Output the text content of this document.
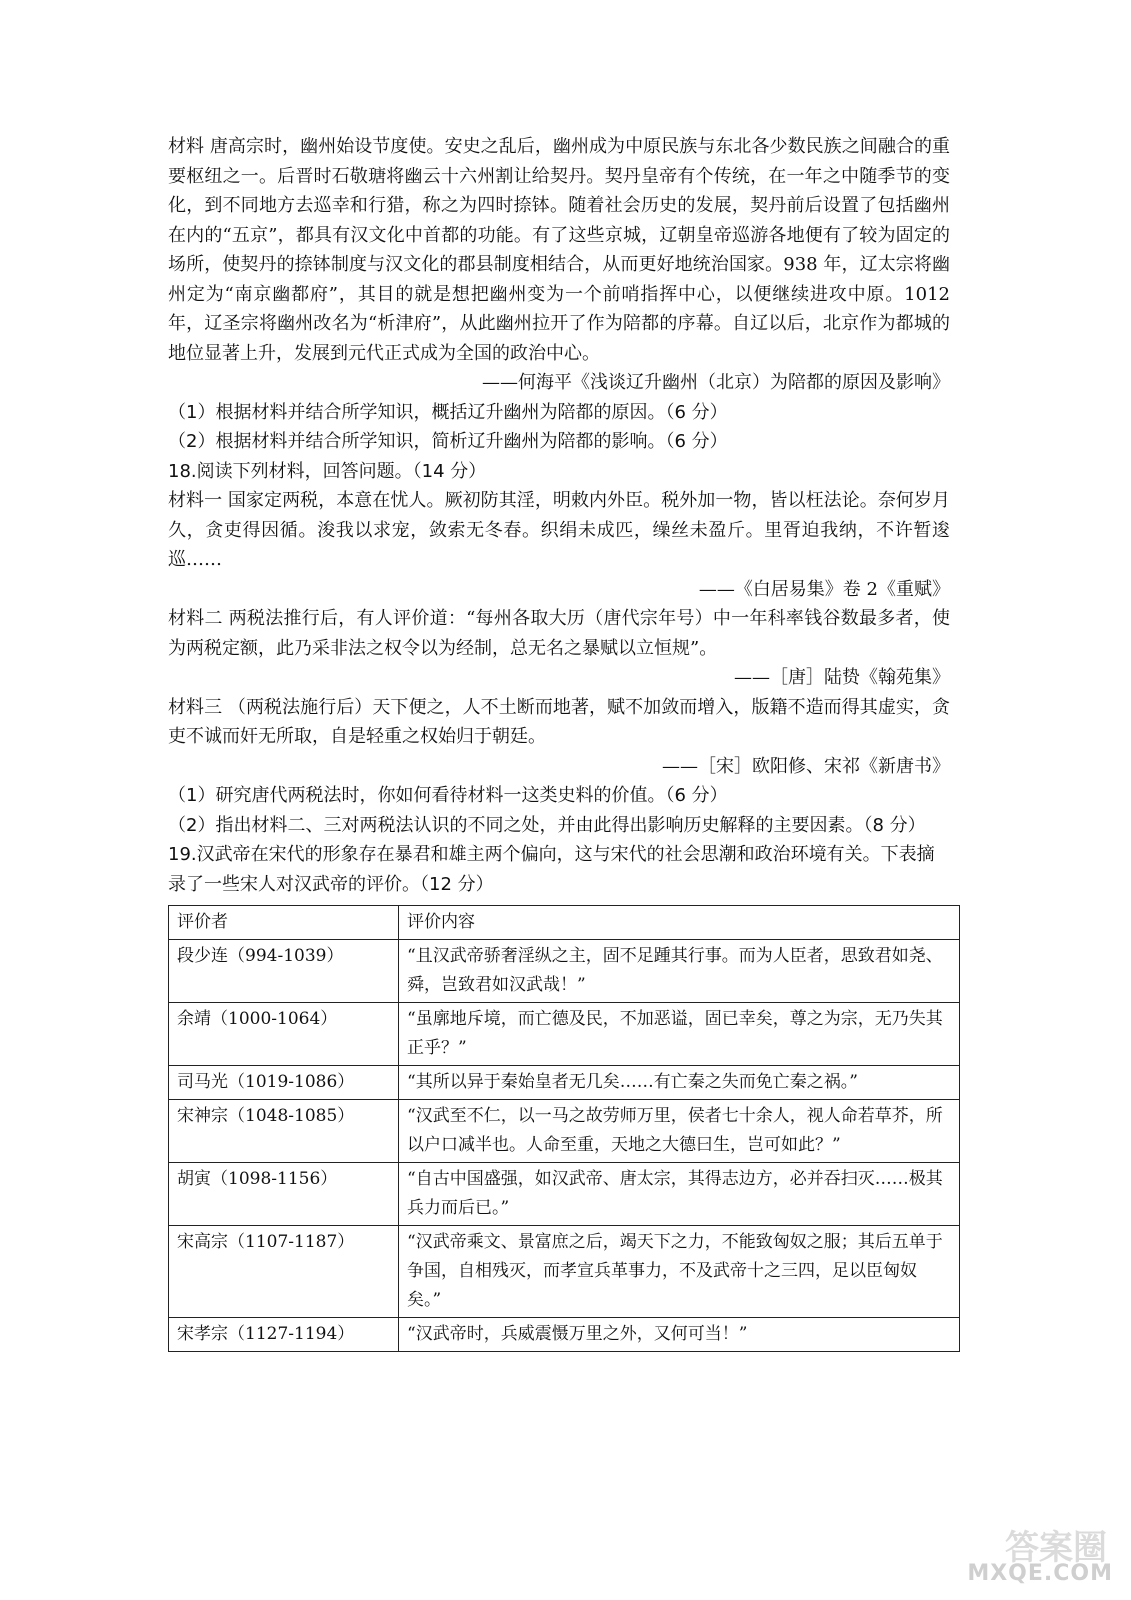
材料 唐高宗时，幽州始设节度使。安史之乱后，幽州成为中原民族与东北各少数民族之间融合的重要枢纽之一。后晋时石敬瑭将幽云十六州割让给契丹。契丹皇帝有个传统，在一年之中随季节的变化，到不同地方去巡幸和行猎，称之为四时捺钵。随着社会历史的发展，契丹前后设置了包括幽州在内的“五京”，都具有汉文化中首都的功能。有了这些京城，辽朝皇帝巡游各地便有了较为固定的场所，使契丹的捺钵制度与汉文化的郡县制度相结合，从而更好地统治国家。938 年，辽太宗将幽州定为“南京幽都府”，其目的就是想把幽州变为一个前哨指挥中心，以便继续进攻中原。1012 年，辽圣宗将幽州改名为“析津府”，从此幽州拉开了作为陪都的序幕。自辽以后，北京作为都城的地位显著上升，发展到元代正式成为全国的政治中心。

——何海平《浅谈辽升幽州（北京）为陪都的原因及影响》

（1）根据材料并结合所学知识，概括辽升幽州为陪都的原因。（6 分）

（2）根据材料并结合所学知识，简析辽升幽州为陪都的影响。（6 分）

18.阅读下列材料，回答问题。（14 分）

材料一 国家定两税，本意在忧人。厥初防其淫，明敕内外臣。税外加一物，皆以枉法论。奈何岁月久，贪吏得因循。浚我以求宠，敛索无冬春。织绢未成匹，缲丝未盈斤。里胥迫我纳，不许暂逡巡……

——《白居易集》卷 2《重赋》

材料二 两税法推行后，有人评价道：“每州各取大历（唐代宗年号）中一年科率钱谷数最多者，使为两税定额，此乃采非法之权令以为经制，总无名之暴赋以立恒规”。

——［唐］陆贽《翰苑集》

材料三 （两税法施行后）天下便之，人不土断而地著，赋不加敛而增入，版籍不造而得其虚实，贪吏不诚而奸无所取，自是轻重之权始归于朝廷。

——［宋］欧阳修、宋祁《新唐书》

（1）研究唐代两税法时，你如何看待材料一这类史料的价值。（6 分）

（2）指出材料二、三对两税法认识的不同之处，并由此得出影响历史解释的主要因素。（8 分）

19.汉武帝在宋代的形象存在暴君和雄主两个偏向，这与宋代的社会思潮和政治环境有关。下表摘录了一些宋人对汉武帝的评价。（12 分）

评价者	评价内容
段少连（994-1039）	“且汉武帝骄奢淫纵之主，固不足踵其行事。而为人臣者，思致君如尧、舜，岂致君如汉武哉！”
余靖（1000-1064）	“虽廓地斥境，而亡德及民，不加恶谥，固已幸矣，尊之为宗，无乃失其正乎？”
司马光（1019-1086）	“其所以异于秦始皇者无几矣……有亡秦之失而免亡秦之祸。”
宋神宗（1048-1085）	“汉武至不仁，以一马之故劳师万里，侯者七十余人，视人命若草芥，所以户口减半也。人命至重，天地之大德曰生，岂可如此？”
胡寅（1098-1156）	“自古中国盛强，如汉武帝、唐太宗，其得志边方，必并吞扫灭……极其兵力而后已。”
宋高宗（1107-1187）	“汉武帝乘文、景富庶之后，竭天下之力，不能致匈奴之服；其后五单于争国，自相残灭，而孝宣兵革事力，不及武帝十之三四，足以臣匈奴矣。”
宋孝宗（1127-1194）	“汉武帝时，兵威震慑万里之外，又何可当！”
答案圈
MXQE.COM
